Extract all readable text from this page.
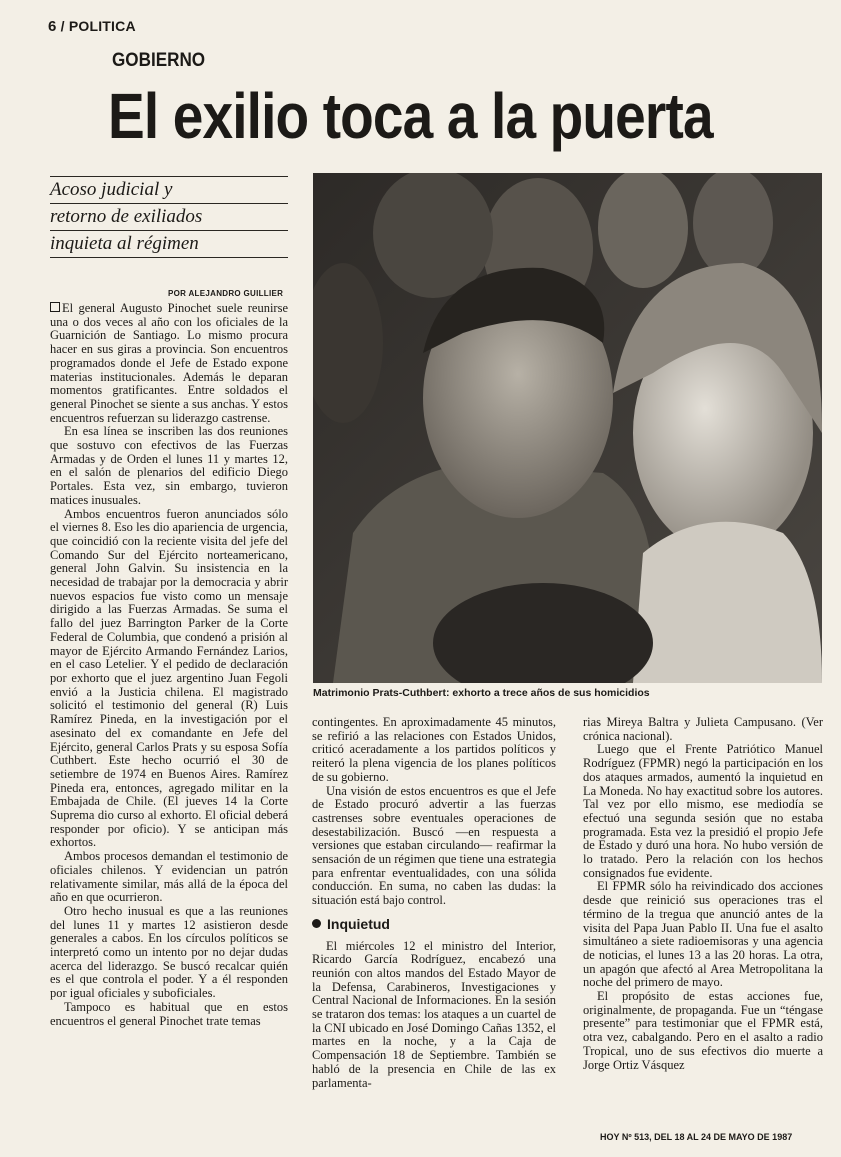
6 / POLITICA
GOBIERNO
El exilio toca a la puerta
Acoso judicial y
retorno de exiliados
inquieta al régimen
POR ALEJANDRO GUILLIER

El general Augusto Pinochet suele reunirse una o dos veces al año con los oficiales de la Guarnición de Santiago. Lo mismo procura hacer en sus giras a provincia. Son encuentros programados donde el Jefe de Estado expone materias institucionales. Además le deparan momentos gratificantes. Entre soldados el general Pinochet se siente a sus anchas. Y estos encuentros refuerzan su liderazgo castrense.

En esa línea se inscriben las dos reuniones que sostuvo con efectivos de las Fuerzas Armadas y de Orden el lunes 11 y martes 12, en el salón de plenarios del edificio Diego Portales. Esta vez, sin embargo, tuvieron matices inusuales.

Ambos encuentros fueron anunciados sólo el viernes 8. Eso les dio apariencia de urgencia, que coincidió con la reciente visita del jefe del Comando Sur del Ejército norteamericano, general John Galvin. Su insistencia en la necesidad de trabajar por la democracia y abrir nuevos espacios fue visto como un mensaje dirigido a las Fuerzas Armadas. Se suma el fallo del juez Barrington Parker de la Corte Federal de Columbia, que condenó a prisión al mayor de Ejército Armando Fernández Larios, en el caso Letelier. Y el pedido de declaración por exhorto que el juez argentino Juan Fegoli envió a la Justicia chilena. El magistrado solicitó el testimonio del general (R) Luis Ramírez Pineda, en la investigación por el asesinato del ex comandante en Jefe del Ejército, general Carlos Prats y su esposa Sofía Cuthbert. Este hecho ocurrió el 30 de setiembre de 1974 en Buenos Aires. Ramírez Pineda era, entonces, agregado militar en la Embajada de Chile. (El jueves 14 la Corte Suprema dio curso al exhorto. El oficial deberá responder por oficio). Y se anticipan más exhortos.

Ambos procesos demandan el testimonio de oficiales chilenos. Y evidencian un patrón relativamente similar, más allá de la época del año en que ocurrieron.

Otro hecho inusual es que a las reuniones del lunes 11 y martes 12 asistieron desde generales a cabos. En los círculos políticos se interpretó como un intento por no dejar dudas acerca del liderazgo. Se buscó recalcar quién es el que controla el poder. Y a él responden por igual oficiales y suboficiales.

Tampoco es habitual que en estos encuentros el general Pinochet trate temas

Matrimonio Prats-Cuthbert: exhorto a trece años de sus homicidios

contingentes. En aproximadamente 45 minutos, se refirió a las relaciones con Estados Unidos, criticó aceradamente a los partidos políticos y reiteró la plena vigencia de los planes políticos de su gobierno.

Una visión de estos encuentros es que el Jefe de Estado procuró advertir a las fuerzas castrenses sobre eventuales operaciones de desestabilización. Buscó —en respuesta a versiones que estaban circulando— reafirmar la sensación de un régimen que tiene una estrategia para enfrentar eventualidades, con una sólida conducción. En suma, no caben las dudas: la situación está bajo control.

Inquietud

El miércoles 12 el ministro del Interior, Ricardo García Rodríguez, encabezó una reunión con altos mandos del Estado Mayor de la Defensa, Carabineros, Investigaciones y Central Nacional de Informaciones. En la sesión se trataron dos temas: los ataques a un cuartel de la CNI ubicado en José Domingo Cañas 1352, el martes en la noche, y a la Caja de Compensación 18 de Septiembre. También se habló de la presencia en Chile de las ex parlamenta-

rias Mireya Baltra y Julieta Campusano. (Ver crónica nacional).

Luego que el Frente Patriótico Manuel Rodríguez (FPMR) negó la participación en los dos ataques armados, aumentó la inquietud en La Moneda. No hay exactitud sobre los autores. Tal vez por ello mismo, ese mediodía se efectuó una segunda sesión que no estaba programada. Esta vez la presidió el propio Jefe de Estado y duró una hora. No hubo versión de lo tratado. Pero la relación con los hechos consignados fue evidente.

El FPMR sólo ha reivindicado dos acciones desde que reinició sus operaciones tras el término de la tregua que anunció antes de la visita del Papa Juan Pablo II. Una fue el asalto simultáneo a siete radioemisoras y una agencia de noticias, el lunes 13 a las 20 horas. La otra, un apagón que afectó al Area Metropolitana la noche del primero de mayo.

El propósito de estas acciones fue, originalmente, de propaganda. Fue un “téngase presente” para testimoniar que el FPMR está, otra vez, cabalgando. Pero en el asalto a radio Tropical, uno de sus efectivos dio muerte a Jorge Ortiz Vásquez

HOY Nº 513, DEL 18 AL 24 DE MAYO DE 1987
